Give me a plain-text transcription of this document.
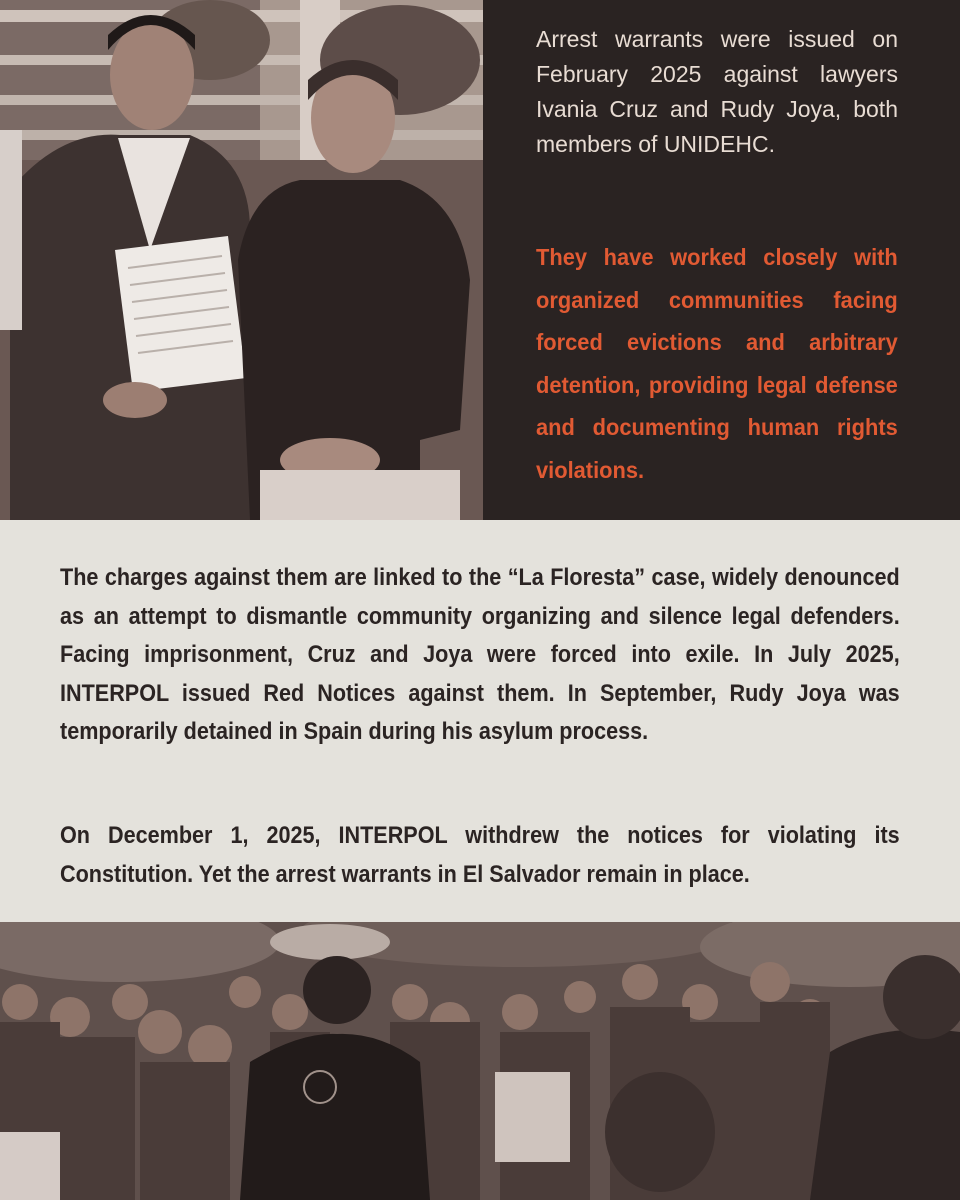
Arrest warrants were issued on February 2025 against lawyers Ivania Cruz and Rudy Joya, both members of UNIDEHC.

They have worked closely with organized communities facing forced evictions and arbitrary detention, providing legal defense and documenting human rights violations.

The charges against them are linked to the “La Floresta” case, widely denounced as an attempt to dismantle community organizing and silence legal defenders. Facing imprisonment, Cruz and Joya were forced into exile. In July 2025, INTERPOL issued Red Notices against them. In September, Rudy Joya was temporarily detained in Spain during his asylum process.

On December 1, 2025, INTERPOL withdrew the notices for violating its Constitution. Yet the arrest warrants in El Salvador remain in place.
